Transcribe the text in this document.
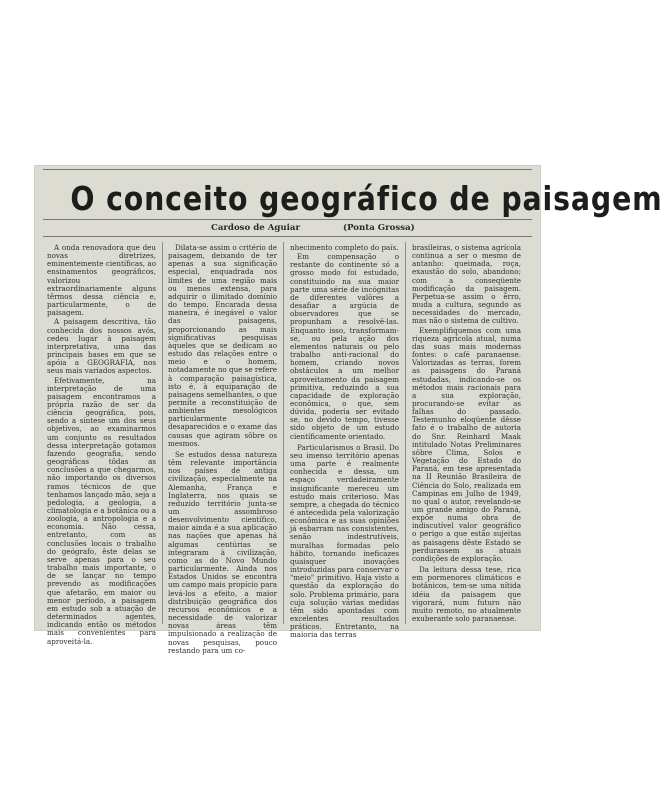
O conceito geográfico de paisagem
Cardoso de Aguiar	(Ponta Grossa)

A onda renovadora que deu novas diretrizes, eminentemente científicas, ao ensinamentos geográficos, valorizou extraordinariamente alguns têrmos dessa ciência e, particularmente, o de paisagem.

A paisagem descritiva, tão conhecida dos nossos avós, cedeu lugar à paisagem interpretativa, uma das principais bases em que se apóia a GEOGRAFIA, nos seus mais variados aspectos.

Efetivamente, na interpretação de uma paisagem encontramos a própria razão de ser da ciência geográfica, pois, sendo a síntese um dos seus objetivos, ao examinarmos um conjunto os resultados dessa interpretação gotamos fazendo geografia, sendo geográficas tôdas as conclusões a que chegarmos, não importando os diversos ramos técnicos de que tenhamos lançado mão, seja a pedologia, a geologia, a climatologia e a botânica ou a zoologia, a antropologia e a economia. Não cessa, entretanto, com as conclusões locais o trabalho do geógrafo, êste delas se serve apenas para o seu trabalho mais importante, o de se lançar no tempo prevendo as modificações que afetarão, em maior ou menor período, a paisagem em estudo sob a atuação de determinados agentes, indicando então os métodos mais convenientes para aproveitá-la.

Dilata-se assim o critério de paisagem, deixando de ter apenas a sua significação especial, enquadrada nos limites de uma região mais ou menos extensa, para adquirir o ilimitado domínio do tempo. Encarada dessa maneira, é inegável o valor das paisagens, proporcionando as mais significativas pesquisas àqueles que se dedicam ao estudo das relações entre o meio e o homem, notadamente no que se refere à comparação paisagística, isto é, à equiparação de paisagens semelhantes, o que permite a reconstituição de ambientes mesológicos particularmente desaparecidos e o exame das causas que agiram sôbre os mesmos.

Se estudos dessa natureza têm relevante importância nos países de antiga civilização, especialmente na Alemanha, França e Inglaterra, nos quais se reduzido território junta-se um assombroso desenvolvimento científico, maior ainda é a sua aplicação nas nações que apenas há algumas centúrias se integraram à civilização, como as do Novo Mundo particularmente. Ainda nos Estados Unidos se encontra um campo mais propício para levá-los a efeito, a maior distribuição geográfica dos recursos econômicos e a necessidade de valorizar novas áreas têm impulsionado a realização de novas pesquisas, pouco restando para um co-

nhecimento completo do país.

Em compensação o restante do continente só a grosso modo foi estudado, constituindo na sua maior parte uma série de incógnitas de diferentes valôres a desafiar a argúcia de observadores que se propunham a resolvê-las. Enquanto isso, transformam-se, ou pela ação dos elementos naturais ou pelo trabalho anti-racional do homem, criando novos obstáculos a um melhor aproveitamento da paisagem primitiva, reduzindo a sua capacidade de exploração econômica, o que, sem dúvida, poderia ser evitado se, no devido tempo, tivesse sido objeto de um estudo científicamente orientado.

Particularismos o Brasil. Do seu imenso território apenas uma parte é realmente conhecida e dessa, um espaço verdadeiramente insignificante mereceu um estudo mais criterioso. Mas sempre, a chegada do técnico é antecedida pela valorização econômica e as suas opiniões já esbarram nas consistentes, senão indestrutíveis, muralhas formadas pelo hábito, tornando ineficazes quaisquer inovações introduzidas para conservar o "meio" primitivo. Haja visto a questão da exploração do solo. Problema primário, para cuja solução várias medidas têm sido apontadas com excelentes resultados práticos. Entretanto, na maioria das terras

brasileiras, o sistema agrícola continua a ser o mesmo de antanho: queimada, roça, exaustão do solo, abandono; com a conseqüente modificação da paisagem. Perpetua-se assim o êrro, muda a cultura, segundo as necessidades do mercado, mas não o sistema de cultivo.

Exemplifiquemos com uma riqueza agrícola atual, numa das suas mais modernas fontes: o café paranaense. Valorizadas as terras, forem as paisagens do Paraná estudadas, indicando-se os métodos mais racionais para a sua exploração, procurando-se evitar as falhas do passado. Testemunho eloqüente dêsse fato é o trabalho de autoria do Snr. Reinhard Maak intitulado Notas Preliminares sôbre Clima, Solos e Vegetação do Estado do Paraná, em tese apresentada na II Reunião Brasileira de Ciência do Solo, realizada em Campinas em Julho de 1949, no qual o autor, revelando-se um grande amigo do Paraná, expõe numa obra de indiscutível valor geográfico o perigo a que estão sujeitas as paisagens dêste Estado se perdurassem as atuais condições de exploração.

Da leitura dessa tese, rica em pormenores climáticos e botânicos, tem-se uma nítida idéia da paisagem que vigorará, num futuro não muito remoto, no atualmente exuberante solo paranaense.
